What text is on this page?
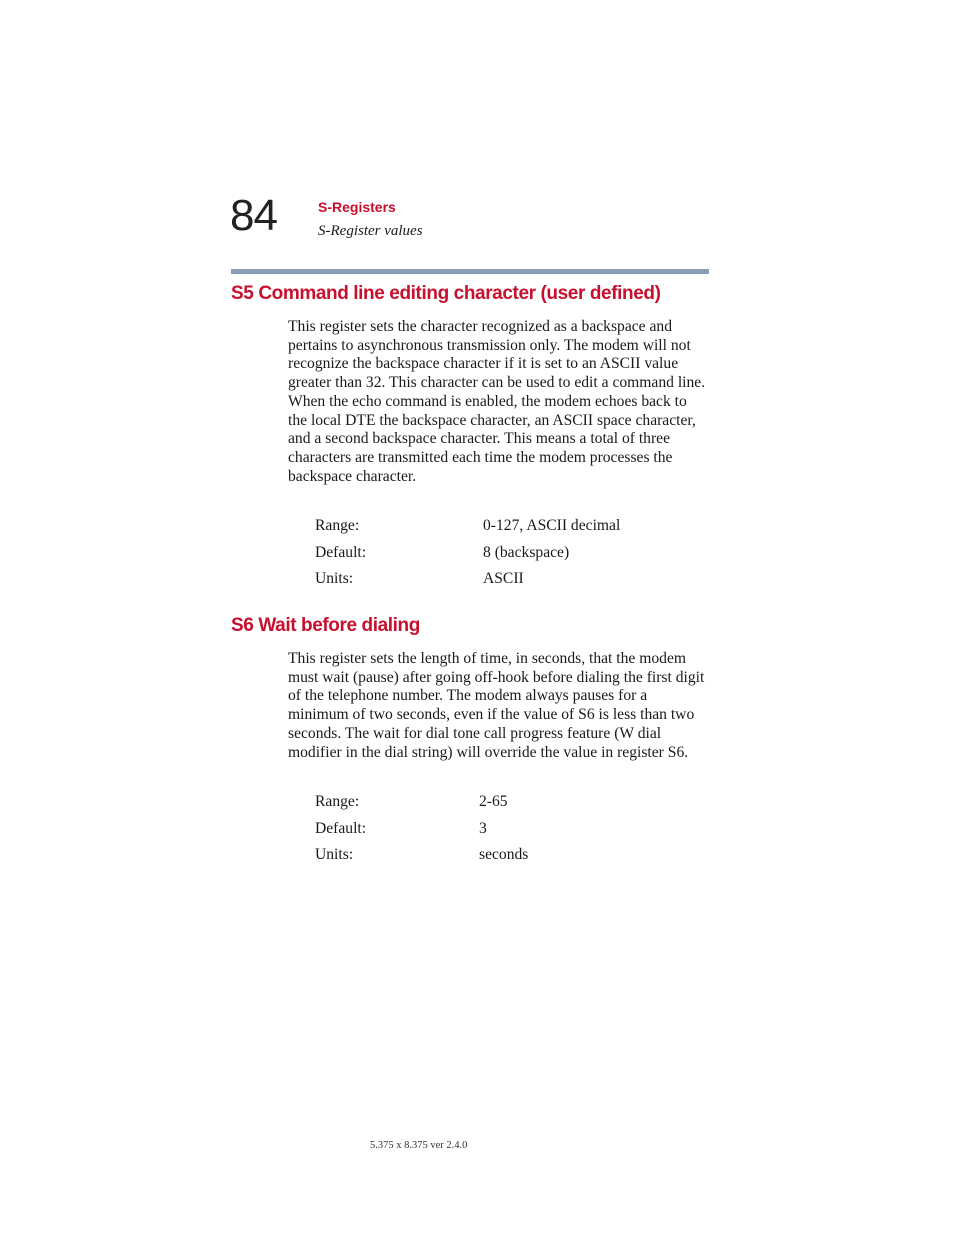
84	S-Registers
S-Register values
S5 Command line editing character (user defined)

This register sets the character recognized as a backspace and pertains to asynchronous transmission only. The modem will not recognize the backspace character if it is set to an ASCII value greater than 32. This character can be used to edit a command line. When the echo command is enabled, the modem echoes back to the local DTE the backspace character, an ASCII space character, and a second backspace character. This means a total of three characters are transmitted each time the modem processes the backspace character.

Range:	0-127, ASCII decimal
Default:	8 (backspace)
Units:	ASCII
S6 Wait before dialing

This register sets the length of time, in seconds, that the modem must wait (pause) after going off-hook before dialing the first digit of the telephone number. The modem always pauses for a minimum of two seconds, even if the value of S6 is less than two seconds. The wait for dial tone call progress feature (W dial modifier in the dial string) will override the value in register S6.

Range:	2-65
Default:	3
Units:	seconds
5.375 x 8.375 ver 2.4.0
